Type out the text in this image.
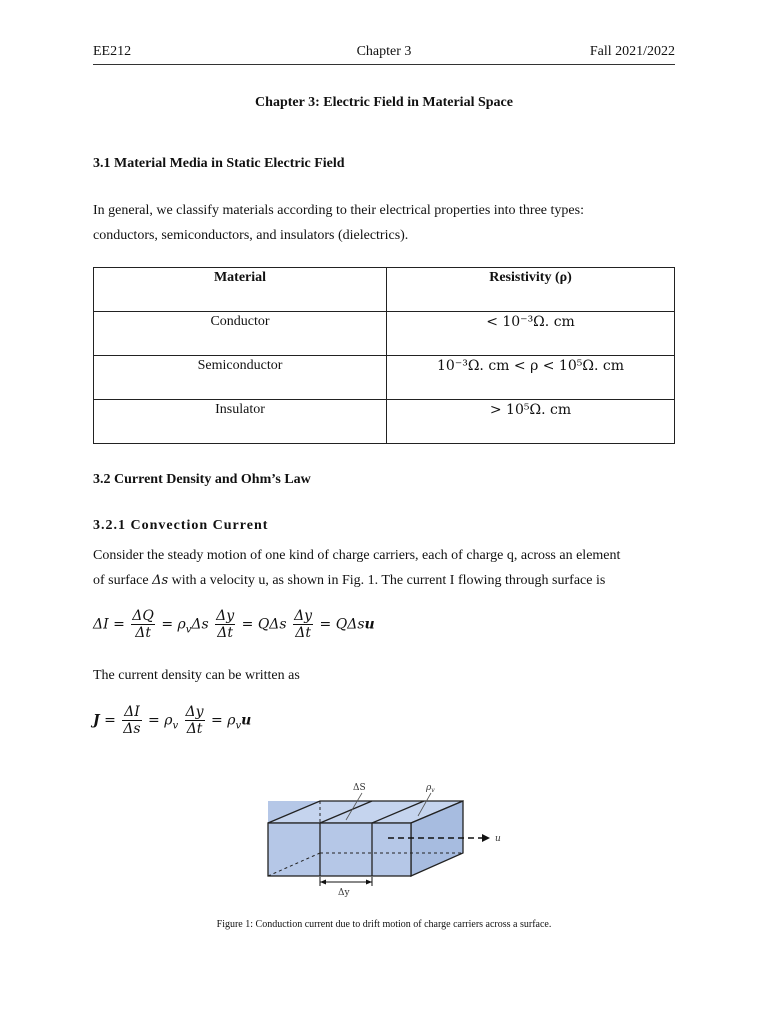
EE212	Chapter 3	Fall 2021/2022
Chapter 3: Electric Field in Material Space
3.1 Material Media in Static Electric Field
In general, we classify materials according to their electrical properties into three types:
conductors, semiconductors, and insulators (dielectrics).
Material	Resistivity (ρ)
Conductor	< 10⁻³Ω. cm
Semiconductor	10⁻³Ω. cm < ρ < 10⁵Ω. cm
Insulator	> 10⁵Ω. cm
3.2 Current Density and Ohm’s Law
3.2.1 Convection Current
Consider the steady motion of one kind of charge carriers, each of charge q, across an element
of surface Δs with a velocity u, as shown in Fig. 1. The current I flowing through surface is
$\Delta I = \frac{\Delta Q}{\Delta t} = \rho_v\Delta s \frac{\Delta y}{\Delta t} = Q\Delta s \frac{\Delta y}{\Delta t} = Q\Delta su$
The current density can be written as
$J = \frac{\Delta I}{\Delta s} = \rho_v \frac{\Delta y}{\Delta t} = \rho_vu$
u
ΔS	$\rho_v$
Δy
Figure 1: Conduction current due to drift motion of charge carriers across a surface.
